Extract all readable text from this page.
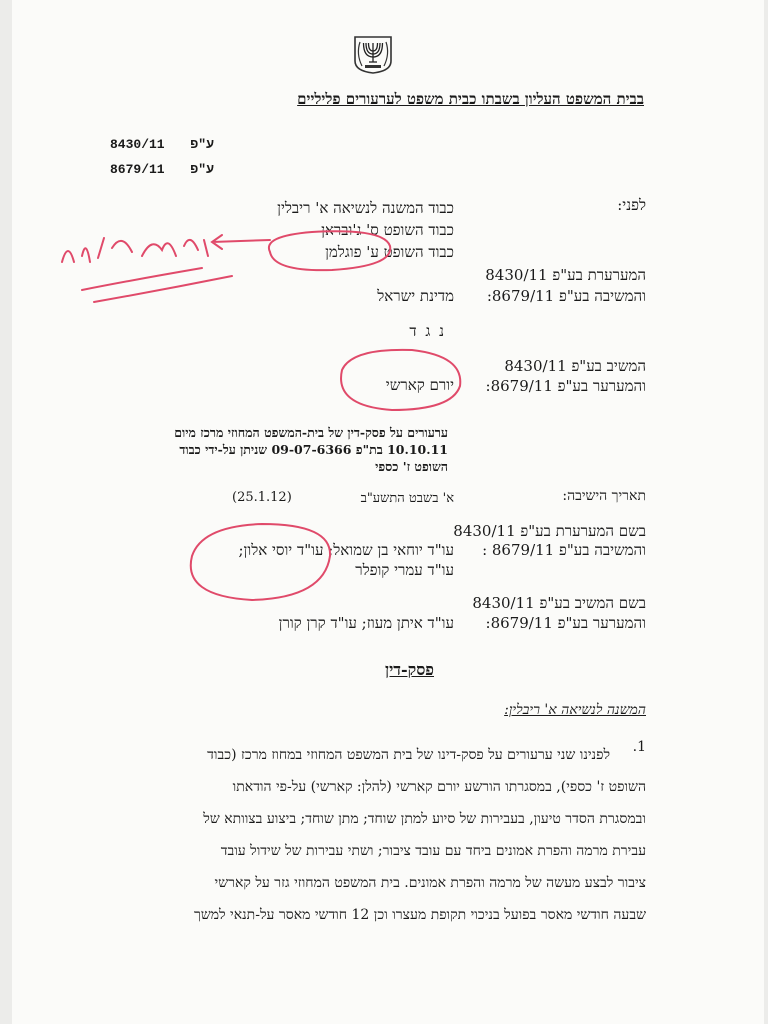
בבית המשפט העליון בשבתו כבית משפט לערעורים פליליים
8430/11 ע"פ
8679/11 ע"פ
לפני:
כבוד המשנה לנשיאה א' ריבלין
כבוד השופט ס' ג'ובראן
כבוד השופט ע' פוגלמן
המערערת בע"פ 8430/11
והמשיבה בע"פ 8679/11:
מדינת ישראל
נ ג ד
המשיב בע"פ 8430/11
והמערער בע"פ 8679/11:
יורם קארשי
ערעורים על פסק-דין של בית-המשפט המחוזי מרכז מיום 10.10.11 בת"פ 09-07-6366 שניתן על-ידי כבוד השופט ז' כספי
תאריך הישיבה:
א' בשבט התשע"ב
(25.1.12)
בשם המערערת בע"פ 8430/11
והמשיבה בע"פ 8679/11 :
עו"ד יוחאי בן שמואל; עו"ד יוסי אלון;
עו"ד עמרי קופלר
בשם המשיב בע"פ 8430/11
והמערער בע"פ 8679/11:
עו"ד איתן מעוז; עו"ד קרן קורן
פסק-דין
המשנה לנשיאה א' ריבלין:
1.
לפנינו שני ערעורים על פסק-דינו של בית המשפט המחוזי במחוז מרכז (כבוד
השופט ז' כספי), במסגרתו הורשע יורם קארשי (להלן: קארשי) על-פי הודאתו
ובמסגרת הסדר טיעון, בעבירות של סיוע למתן שוחד; מתן שוחד; ביצוע בצוותא של
עבירת מרמה והפרת אמונים ביחד עם עובד ציבור; ושתי עבירות של שידול עובד
ציבור לבצע מעשה של מרמה והפרת אמונים. בית המשפט המחוזי גזר על קארשי
שבעה חודשי מאסר בפועל בניכוי תקופת מעצרו וכן 12 חודשי מאסר על-תנאי למשך
